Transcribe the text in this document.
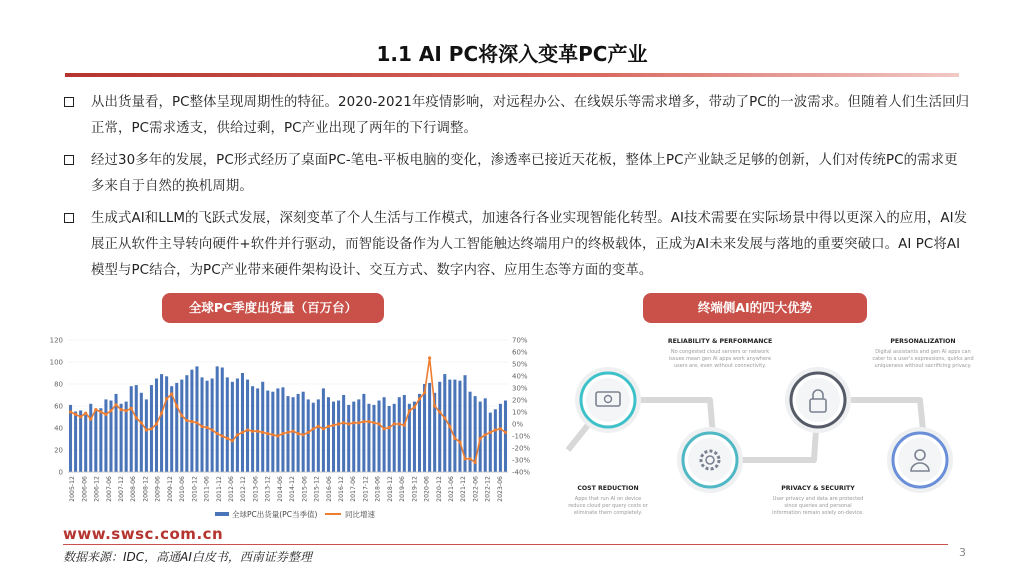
1.1 AI PC将深入变革PC产业
从出货量看，PC整体呈现周期性的特征。2020-2021年疫情影响，对远程办公、在线娱乐等需求增多，带动了PC的一波需求。但随着人们生活回归正常，PC需求透支，供给过剩，PC产业出现了两年的下行调整。
经过30多年的发展，PC形式经历了桌面PC-笔电-平板电脑的变化，渗透率已接近天花板，整体上PC产业缺乏足够的创新，人们对传统PC的需求更多来自于自然的换机周期。
生成式AI和LLM的飞跃式发展，深刻变革了个人生活与工作模式，加速各行各业实现智能化转型。AI技术需要在实际场景中得以更深入的应用，AI发展正从软件主导转向硬件+软件并行驱动，而智能设备作为人工智能触达终端用户的终极载体，正成为AI未来发展与落地的重要突破口。AI PC将AI模型与PC结合，为PC产业带来硬件架构设计、交互方式、数字内容、应用生态等方面的变革。
全球PC季度出货量（百万台）	终端侧AI的四大优势
0
20
40
60
80
100
120
-40%
-30%
-20%
-10%
0%
10%
20%
30%
40%
50%
60%
70%
2005-12 2006-06 2006-12 2007-06 2007-12 2008-06 2008-12 2009-06 2009-12 2010-06 2010-12 2011-06 2011-12 2012-06 2012-12 2013-06 2013-12 2014-06 2014-12 2015-06 2015-12 2016-06 2016-12 2017-06 2017-12 2018-06 2018-12 2019-06 2019-12 2020-06 2020-12 2021-06 2021-12 2022-06 2022-12 2023-06
全球PC出货量(PC当季值)	同比增速
RELIABILITY & PERFORMANCE
No congested cloud servers or network
issues mean gen AI apps work anywhere
users are, even without connectivity.
PERSONALIZATION
Digital assistants and gen AI apps can
cater to a user's expressions, quirks and
uniqueness without sacrificing privacy.
COST REDUCTION
Apps that run AI on device
reduce cloud per query costs or
eliminate them completely.
PRIVACY & SECURITY
User privacy and data are protected
since queries and personal
information remain solely on-device.
www.swsc.com.cn
数据来源：IDC，高通AI白皮书，西南证券整理	3
